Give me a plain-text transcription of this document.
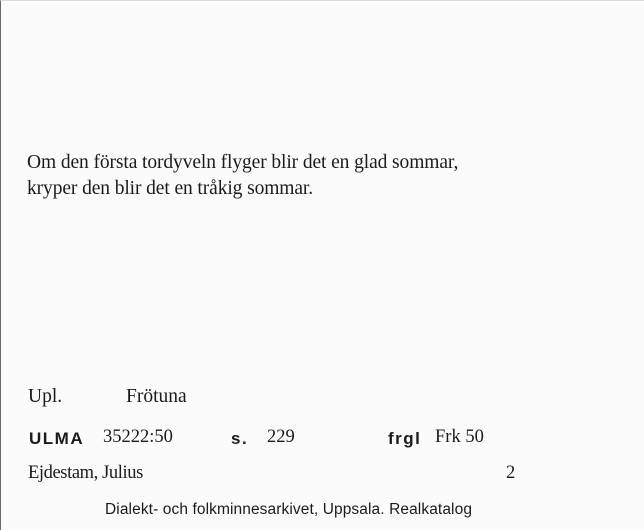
Om den första tordyveln flyger blir det en glad sommar,
kryper den blir det en tråkig sommar.
Upl.	Frötuna
ULMA 35222:50	s. 229	frgl Frk 50
Ejdestam, Julius	2
Dialekt- och folkminnesarkivet, Uppsala. Realkatalog
